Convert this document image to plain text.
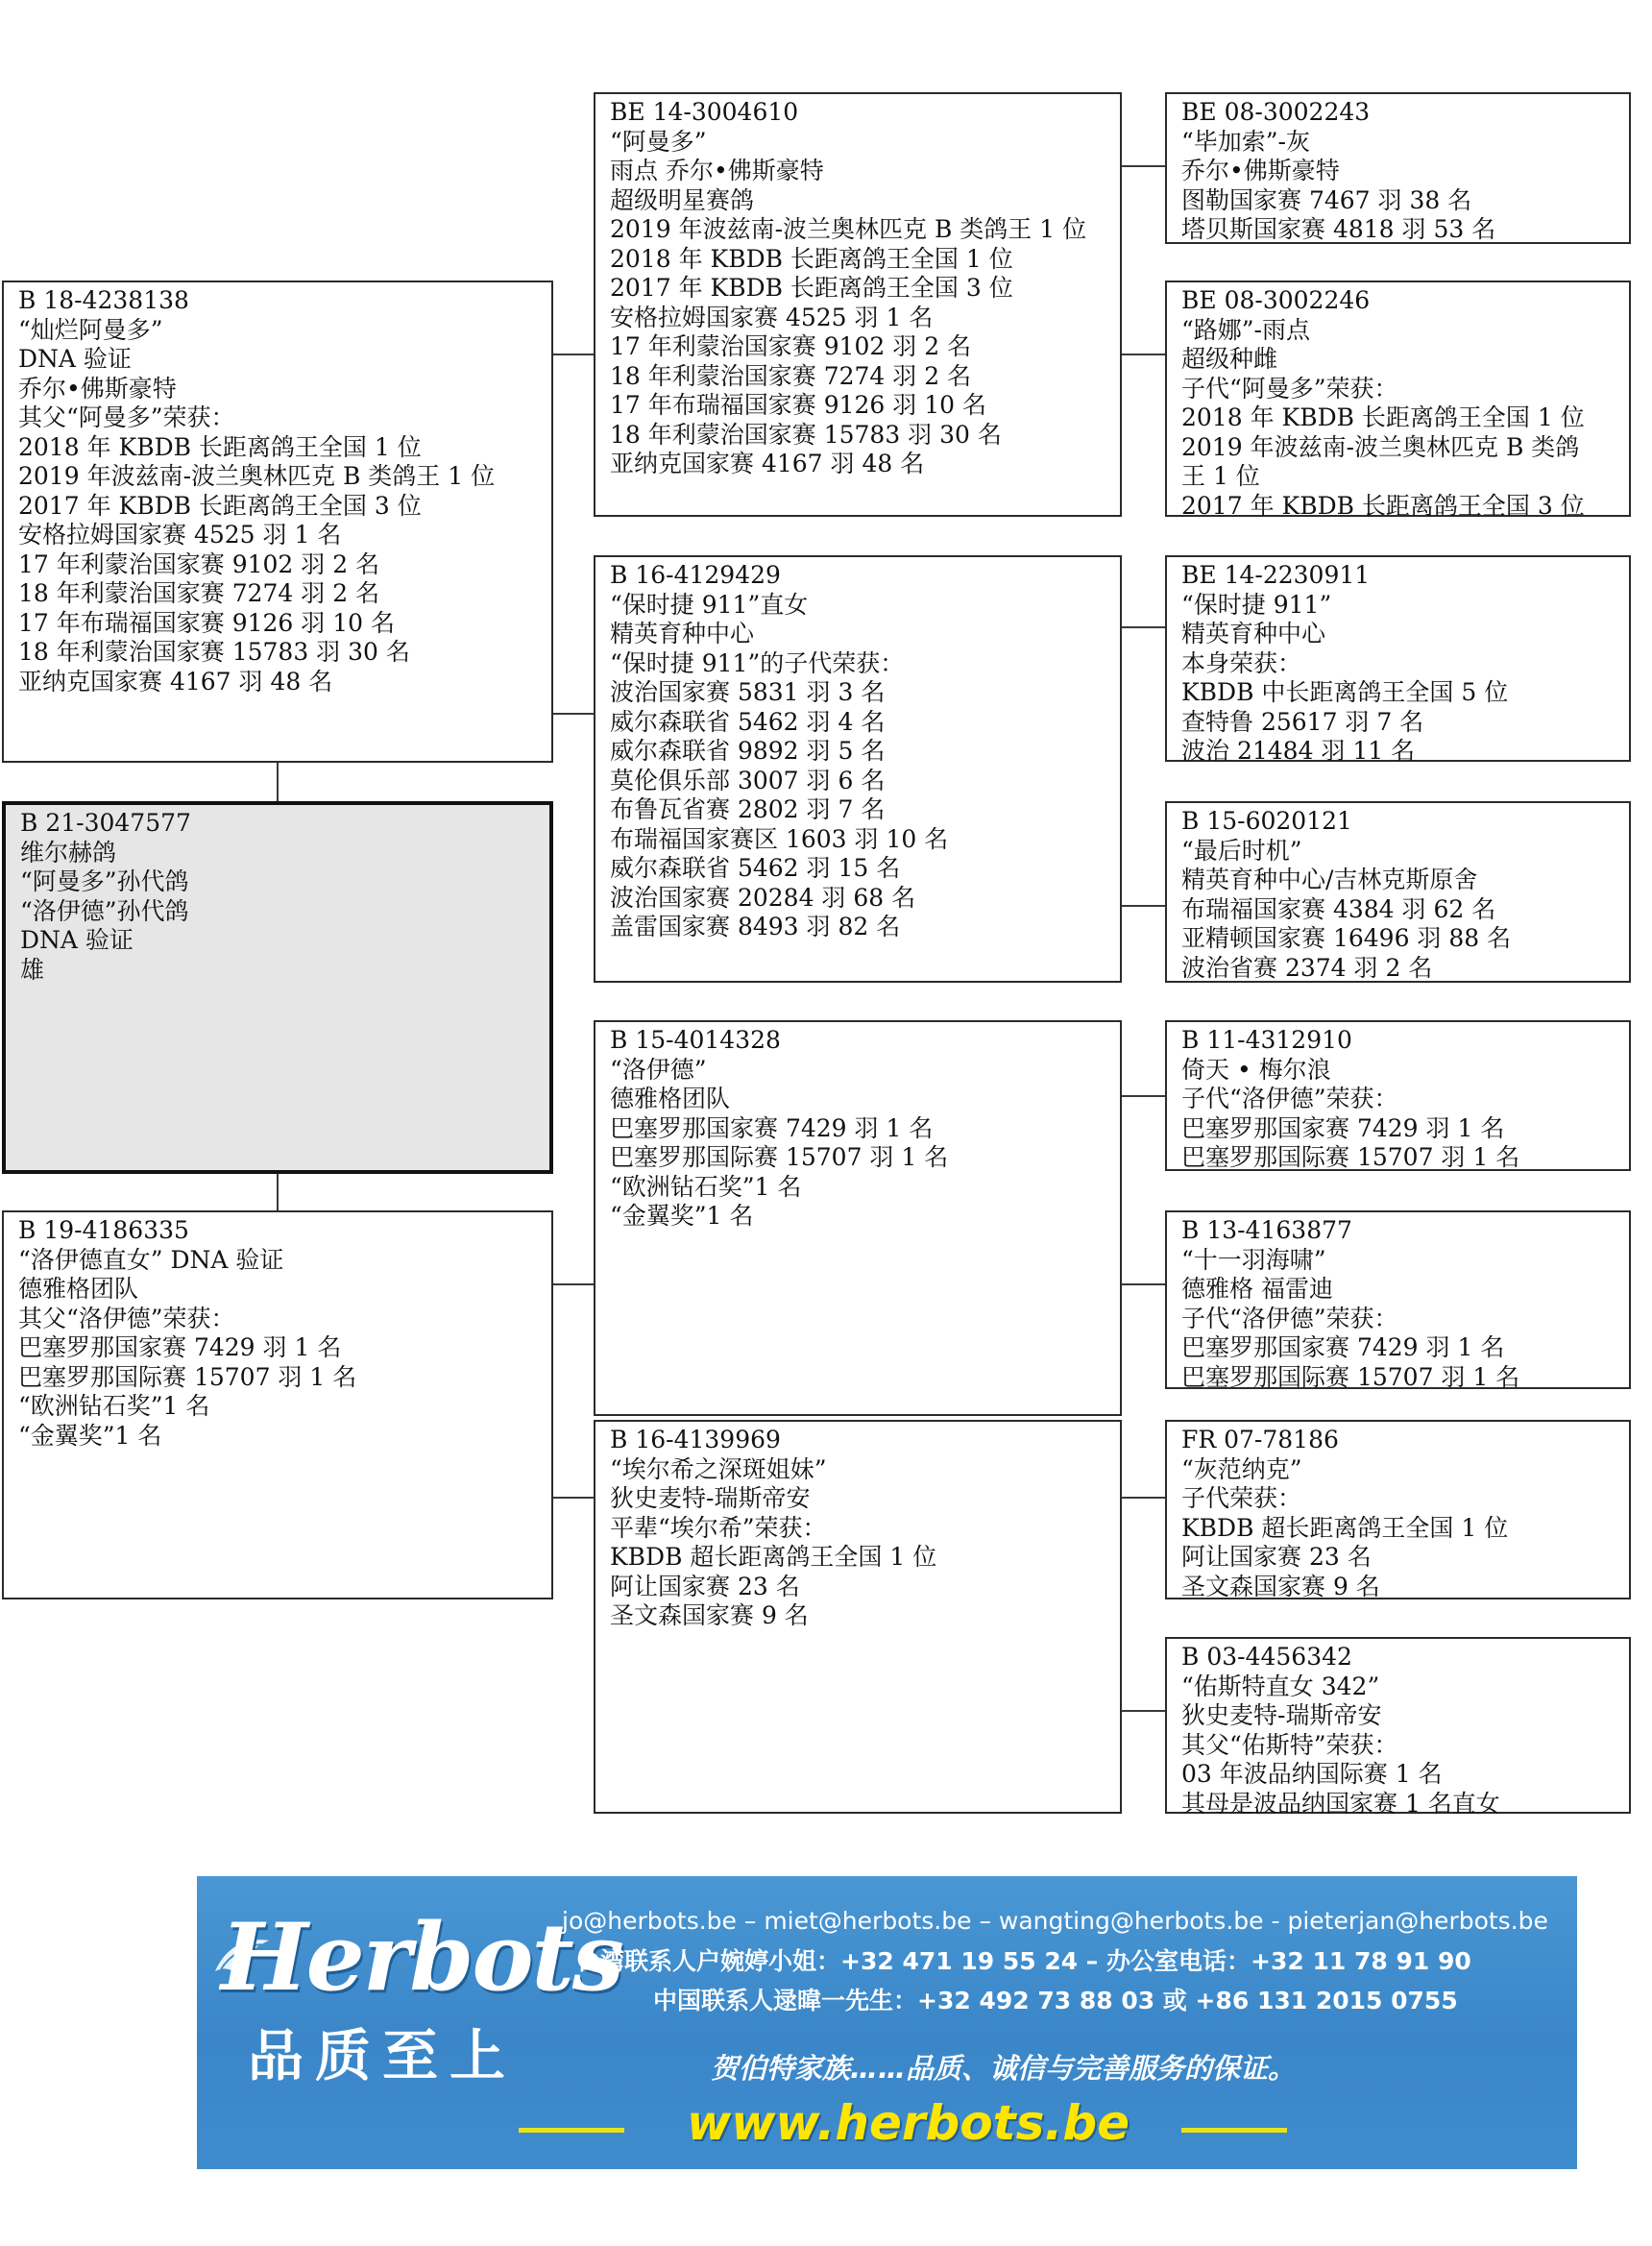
B 21-3047577
维尔赫鸽
“阿曼多”孙代鸽
“洛伊德”孙代鸽
DNA 验证
雄
B 18-4238138
“灿烂阿曼多”
DNA 验证
乔尔•佛斯豪特
其父“阿曼多”荣获：
2018 年 KBDB 长距离鸽王全国 1 位
2019 年波兹南-波兰奥林匹克 B 类鸽王 1 位
2017 年 KBDB 长距离鸽王全国 3 位
安格拉姆国家赛 4525 羽 1 名
17 年利蒙治国家赛 9102 羽 2 名
18 年利蒙治国家赛 7274 羽 2 名
17 年布瑞福国家赛 9126 羽 10 名
18 年利蒙治国家赛 15783 羽 30 名
亚纳克国家赛 4167 羽 48 名
B 19-4186335
“洛伊德直女” DNA 验证
德雅格团队
其父“洛伊德”荣获：
巴塞罗那国家赛 7429 羽 1 名
巴塞罗那国际赛 15707 羽 1 名
“欧洲钻石奖”1 名
“金翼奖”1 名
BE 14-3004610
“阿曼多”
雨点 乔尔•佛斯豪特
超级明星赛鸽
2019 年波兹南-波兰奥林匹克 B 类鸽王 1 位
2018 年 KBDB 长距离鸽王全国 1 位
2017 年 KBDB 长距离鸽王全国 3 位
安格拉姆国家赛 4525 羽 1 名
17 年利蒙治国家赛 9102 羽 2 名
18 年利蒙治国家赛 7274 羽 2 名
17 年布瑞福国家赛 9126 羽 10 名
18 年利蒙治国家赛 15783 羽 30 名
亚纳克国家赛 4167 羽 48 名
B 16-4129429
“保时捷 911”直女
精英育种中心
“保时捷 911”的子代荣获：
波治国家赛 5831 羽 3 名
威尔森联省 5462 羽 4 名
威尔森联省 9892 羽 5 名
莫伦俱乐部 3007 羽 6 名
布鲁瓦省赛 2802 羽 7 名
布瑞福国家赛区 1603 羽 10 名
威尔森联省 5462 羽 15 名
波治国家赛 20284 羽 68 名
盖雷国家赛 8493 羽 82 名
B 15-4014328
“洛伊德”
德雅格团队
巴塞罗那国家赛 7429 羽 1 名
巴塞罗那国际赛 15707 羽 1 名
“欧洲钻石奖”1 名
“金翼奖”1 名
B 16-4139969
“埃尔希之深斑姐妹”
狄史麦特-瑞斯帝安
平辈“埃尔希”荣获：
KBDB 超长距离鸽王全国 1 位
阿让国家赛 23 名
圣文森国家赛 9 名
BE 08-3002243
“毕加索”-灰
乔尔•佛斯豪特
图勒国家赛 7467 羽 38 名
塔贝斯国家赛 4818 羽 53 名
BE 08-3002246
“路娜”-雨点
超级种雌
子代“阿曼多”荣获：
2018 年 KBDB 长距离鸽王全国 1 位
2019 年波兹南-波兰奥林匹克 B 类鸽
王 1 位
2017 年 KBDB 长距离鸽王全国 3 位
BE 14-2230911
“保时捷 911”
精英育种中心
本身荣获：
KBDB 中长距离鸽王全国 5 位
查特鲁 25617 羽 7 名
波治 21484 羽 11 名
B 15-6020121
“最后时机”
精英育种中心/吉林克斯原舍
布瑞福国家赛 4384 羽 62 名
亚精顿国家赛 16496 羽 88 名
波治省赛 2374 羽 2 名
B 11-4312910
倚天 • 梅尔浪
子代“洛伊德”荣获：
巴塞罗那国家赛 7429 羽 1 名
巴塞罗那国际赛 15707 羽 1 名
B 13-4163877
“十一羽海啸”
德雅格 福雷迪
子代“洛伊德”荣获：
巴塞罗那国家赛 7429 羽 1 名
巴塞罗那国际赛 15707 羽 1 名
FR 07-78186
“灰范纳克”
子代荣获：
KBDB 超长距离鸽王全国 1 位
阿让国家赛 23 名
圣文森国家赛 9 名
B 03-4456342
“佑斯特直女 342”
狄史麦特-瑞斯帝安
其父“佑斯特”荣获：
03 年波品纳国际赛 1 名
其母是波品纳国家赛 1 名直女
Herbots
品质至上
jo@herbots.be – miet@herbots.be – wangting@herbots.be - pieterjan@herbots.be
台湾联系人户婉婷小姐：+32 471 19 55 24 – 办公室电话：+32 11 78 91 90
中国联系人逯暐一先生：+32 492 73 88 03 或 +86 131 2015 0755
贺伯特家族……品质、诚信与完善服务的保证。
www.herbots.be
